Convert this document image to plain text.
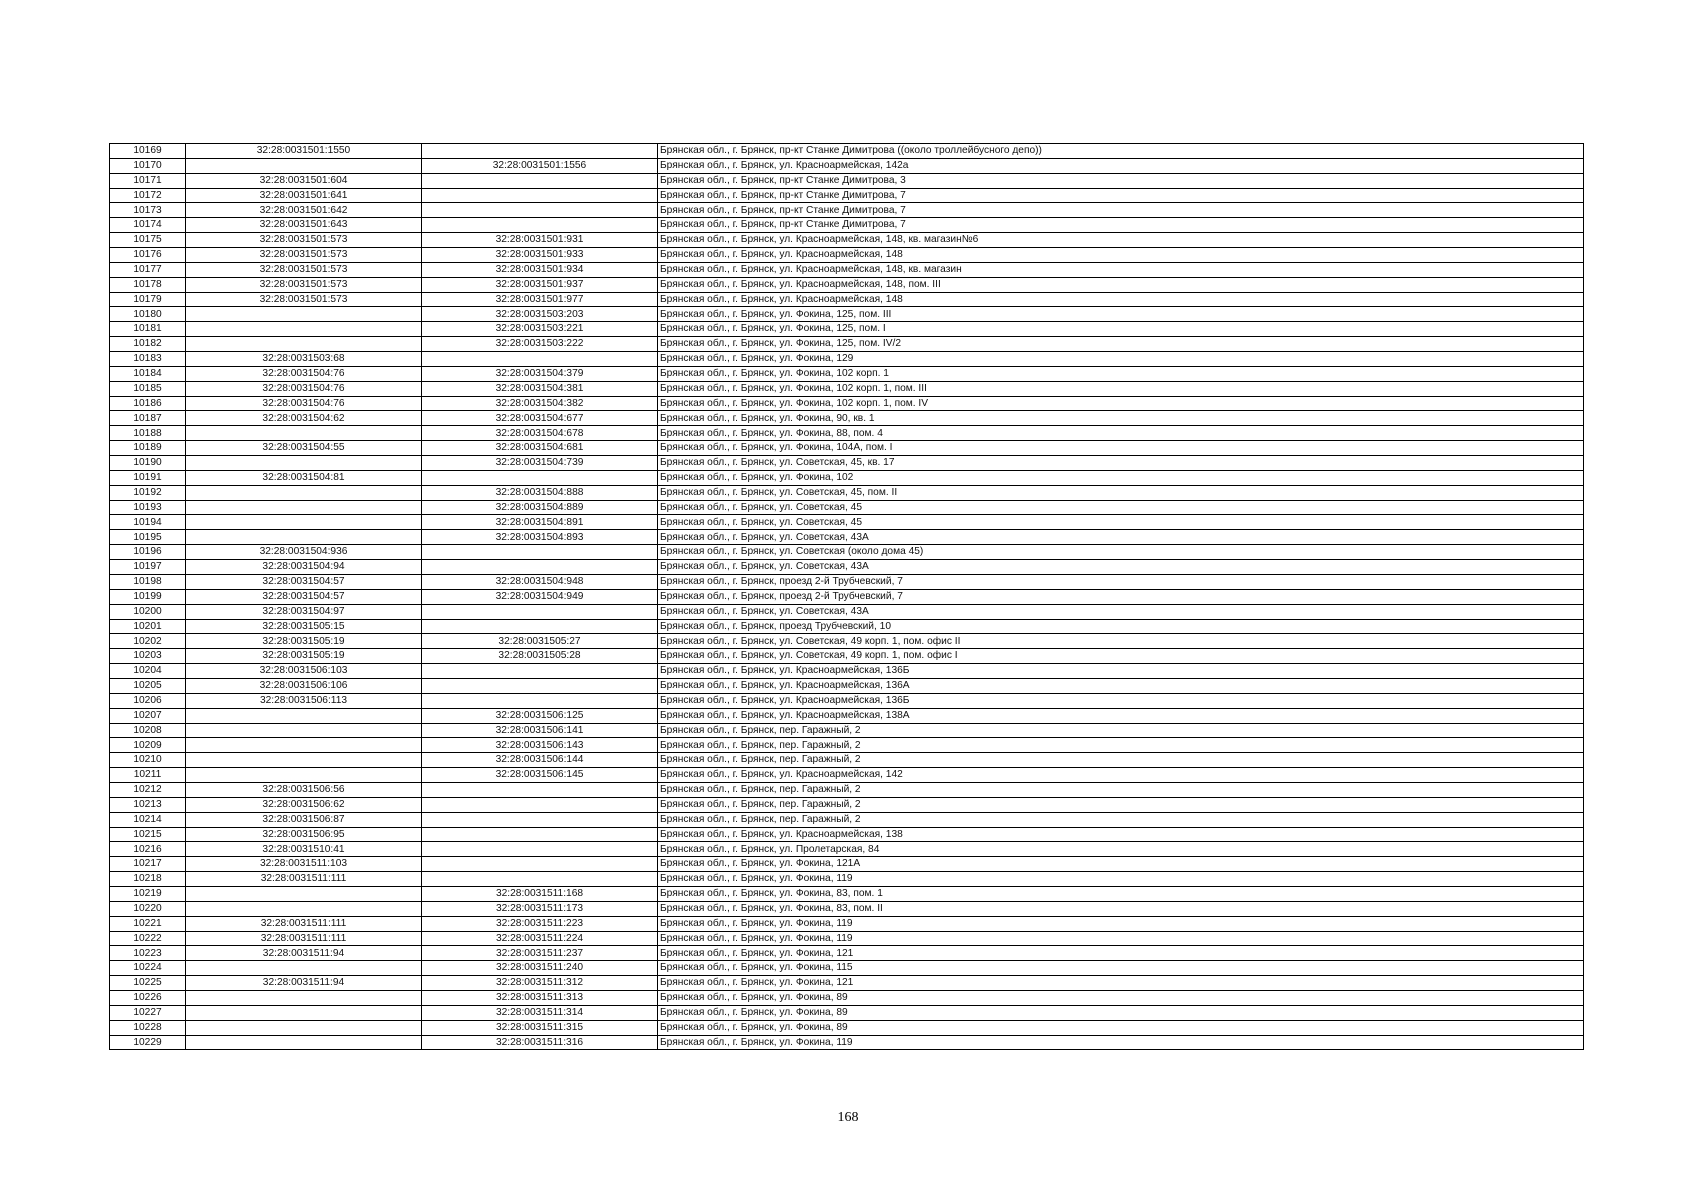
10169	32:28:0031501:1550		Брянская обл., г. Брянск, пр-кт Станке Димитрова ((около троллейбусного депо))
10170		32:28:0031501:1556	Брянская обл., г. Брянск, ул. Красноармейская, 142а
10171	32:28:0031501:604		Брянская обл., г. Брянск, пр-кт Станке Димитрова, 3
10172	32:28:0031501:641		Брянская обл., г. Брянск, пр-кт Станке Димитрова, 7
10173	32:28:0031501:642		Брянская обл., г. Брянск, пр-кт Станке Димитрова, 7
10174	32:28:0031501:643		Брянская обл., г. Брянск, пр-кт Станке Димитрова, 7
10175	32:28:0031501:573	32:28:0031501:931	Брянская обл., г. Брянск, ул. Красноармейская, 148, кв. магазин№6
10176	32:28:0031501:573	32:28:0031501:933	Брянская обл., г. Брянск, ул. Красноармейская, 148
10177	32:28:0031501:573	32:28:0031501:934	Брянская обл., г. Брянск, ул. Красноармейская, 148, кв. магазин
10178	32:28:0031501:573	32:28:0031501:937	Брянская обл., г. Брянск, ул. Красноармейская, 148, пом. III
10179	32:28:0031501:573	32:28:0031501:977	Брянская обл., г. Брянск, ул. Красноармейская, 148
10180		32:28:0031503:203	Брянская обл., г. Брянск, ул. Фокина, 125, пом. III
10181		32:28:0031503:221	Брянская обл., г. Брянск, ул. Фокина, 125, пом. I
10182		32:28:0031503:222	Брянская обл., г. Брянск, ул. Фокина, 125, пом. IV/2
10183	32:28:0031503:68		Брянская обл., г. Брянск, ул. Фокина, 129
10184	32:28:0031504:76	32:28:0031504:379	Брянская обл., г. Брянск, ул. Фокина, 102 корп. 1
10185	32:28:0031504:76	32:28:0031504:381	Брянская обл., г. Брянск, ул. Фокина, 102 корп. 1, пом. III
10186	32:28:0031504:76	32:28:0031504:382	Брянская обл., г. Брянск, ул. Фокина, 102 корп. 1, пом. IV
10187	32:28:0031504:62	32:28:0031504:677	Брянская обл., г. Брянск, ул. Фокина, 90, кв. 1
10188		32:28:0031504:678	Брянская обл., г. Брянск, ул. Фокина, 88, пом. 4
10189	32:28:0031504:55	32:28:0031504:681	Брянская обл., г. Брянск, ул. Фокина, 104А, пом. I
10190		32:28:0031504:739	Брянская обл., г. Брянск, ул. Советская, 45, кв. 17
10191	32:28:0031504:81		Брянская обл., г. Брянск, ул. Фокина, 102
10192		32:28:0031504:888	Брянская обл., г. Брянск, ул. Советская, 45, пом. II
10193		32:28:0031504:889	Брянская обл., г. Брянск, ул. Советская, 45
10194		32:28:0031504:891	Брянская обл., г. Брянск, ул. Советская, 45
10195		32:28:0031504:893	Брянская обл., г. Брянск, ул. Советская, 43А
10196	32:28:0031504:936		Брянская обл., г. Брянск, ул. Советская (около дома 45)
10197	32:28:0031504:94		Брянская обл., г. Брянск, ул. Советская, 43А
10198	32:28:0031504:57	32:28:0031504:948	Брянская обл., г. Брянск, проезд 2-й Трубчевский, 7
10199	32:28:0031504:57	32:28:0031504:949	Брянская обл., г. Брянск, проезд 2-й Трубчевский, 7
10200	32:28:0031504:97		Брянская обл., г. Брянск, ул. Советская, 43А
10201	32:28:0031505:15		Брянская обл., г. Брянск, проезд Трубчевский, 10
10202	32:28:0031505:19	32:28:0031505:27	Брянская обл., г. Брянск, ул. Советская, 49 корп. 1, пом. офис II
10203	32:28:0031505:19	32:28:0031505:28	Брянская обл., г. Брянск, ул. Советская, 49 корп. 1, пом. офис I
10204	32:28:0031506:103		Брянская обл., г. Брянск, ул. Красноармейская, 136Б
10205	32:28:0031506:106		Брянская обл., г. Брянск, ул. Красноармейская, 136А
10206	32:28:0031506:113		Брянская обл., г. Брянск, ул. Красноармейская, 136Б
10207		32:28:0031506:125	Брянская обл., г. Брянск, ул. Красноармейская, 138А
10208		32:28:0031506:141	Брянская обл., г. Брянск, пер. Гаражный, 2
10209		32:28:0031506:143	Брянская обл., г. Брянск, пер. Гаражный, 2
10210		32:28:0031506:144	Брянская обл., г. Брянск, пер. Гаражный, 2
10211		32:28:0031506:145	Брянская обл., г. Брянск, ул. Красноармейская, 142
10212	32:28:0031506:56		Брянская обл., г. Брянск, пер. Гаражный, 2
10213	32:28:0031506:62		Брянская обл., г. Брянск, пер. Гаражный, 2
10214	32:28:0031506:87		Брянская обл., г. Брянск, пер. Гаражный, 2
10215	32:28:0031506:95		Брянская обл., г. Брянск, ул. Красноармейская, 138
10216	32:28:0031510:41		Брянская обл., г. Брянск, ул. Пролетарская, 84
10217	32:28:0031511:103		Брянская обл., г. Брянск, ул. Фокина, 121А
10218	32:28:0031511:111		Брянская обл., г. Брянск, ул. Фокина, 119
10219		32:28:0031511:168	Брянская обл., г. Брянск, ул. Фокина, 83, пом. 1
10220		32:28:0031511:173	Брянская обл., г. Брянск, ул. Фокина, 83, пом. II
10221	32:28:0031511:111	32:28:0031511:223	Брянская обл., г. Брянск, ул. Фокина, 119
10222	32:28:0031511:111	32:28:0031511:224	Брянская обл., г. Брянск, ул. Фокина, 119
10223	32:28:0031511:94	32:28:0031511:237	Брянская обл., г. Брянск, ул. Фокина, 121
10224		32:28:0031511:240	Брянская обл., г. Брянск, ул. Фокина, 115
10225	32:28:0031511:94	32:28:0031511:312	Брянская обл., г. Брянск, ул. Фокина, 121
10226		32:28:0031511:313	Брянская обл., г. Брянск, ул. Фокина, 89
10227		32:28:0031511:314	Брянская обл., г. Брянск, ул. Фокина, 89
10228		32:28:0031511:315	Брянская обл., г. Брянск, ул. Фокина, 89
10229		32:28:0031511:316	Брянская обл., г. Брянск, ул. Фокина, 119
168
